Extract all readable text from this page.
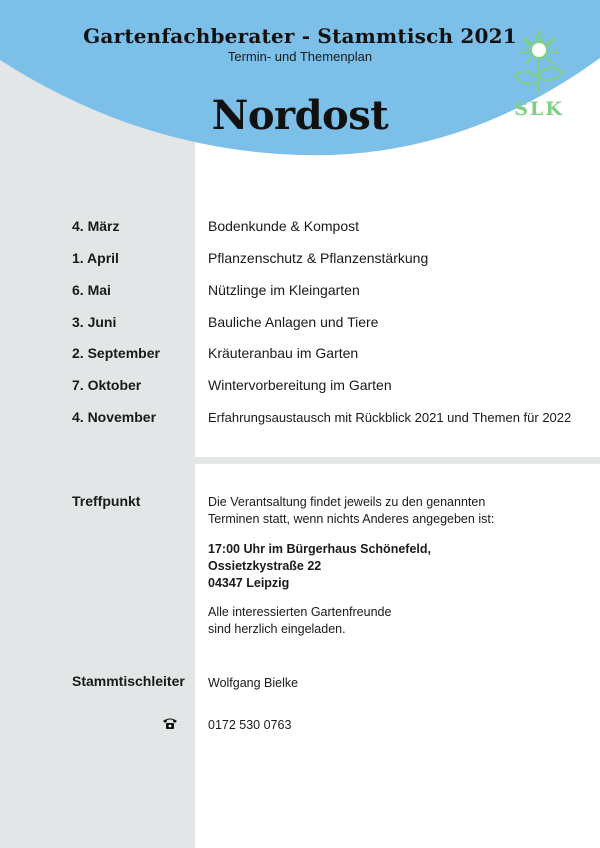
Gartenfachberater - Stammtisch 2021
Termin- und Themenplan
Nordost	SLK
4. März	Bodenkunde & Kompost
1. April	Pflanzenschutz & Pflanzenstärkung
6. Mai	Nützlinge im Kleingarten
3. Juni	Bauliche Anlagen und Tiere
2. September	Kräuteranbau im Garten
7. Oktober	Wintervorbereitung im Garten
4. November	Erfahrungsaustausch mit Rückblick 2021 und Themen für 2022
Treffpunkt	Die Verantsaltung findet jeweils zu den genannten
Terminen statt, wenn nichts Anderes angegeben ist:
17:00 Uhr im Bürgerhaus Schönefeld,
Ossietzkystraße 22
04347 Leipzig
Alle interessierten Gartenfreunde
sind herzlich eingeladen.
Stammtischleiter Wolfgang Bielke
0172 530 0763
